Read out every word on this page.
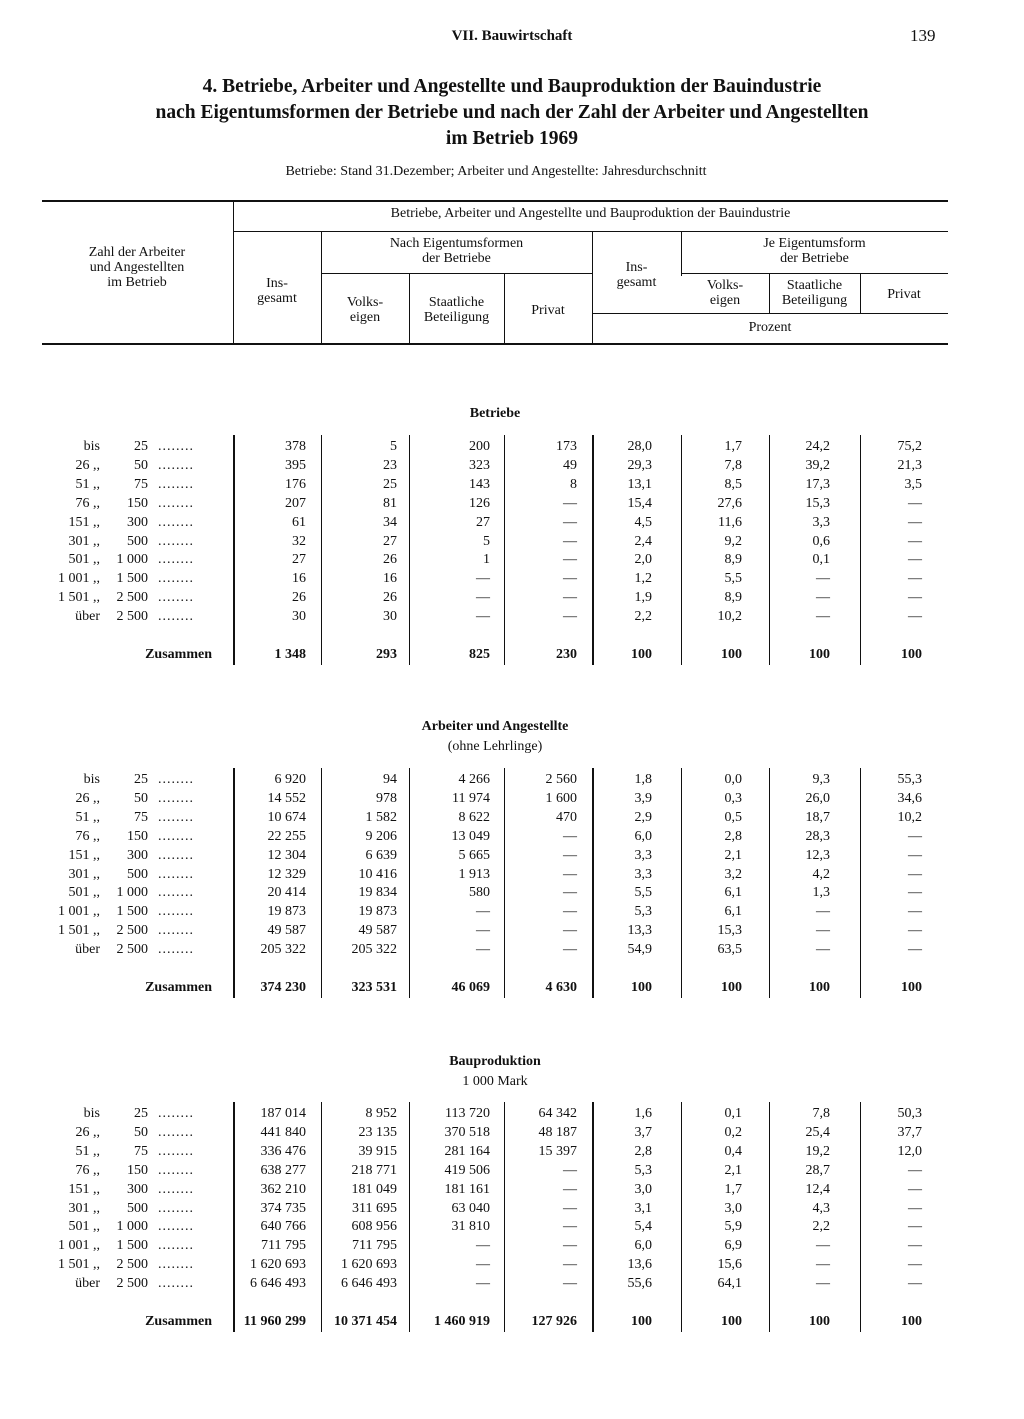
VII. Bauwirtschaft	139
4. Betriebe, Arbeiter und Angestellte und Bauproduktion der Bauindustrie
nach Eigentumsformen der Betriebe und nach der Zahl der Arbeiter und Angestellten
im Betrieb 1969
Betriebe: Stand 31.Dezember; Arbeiter und Angestellte: Jahresdurchschnitt
Zahl der Arbeiter
und Angestellten
im Betrieb
Betriebe, Arbeiter und Angestellte und Bauproduktion der Bauindustrie
Ins-
gesamt
Nach Eigentumsformen
der Betriebe
Volks-
eigen
Staatliche
Beteiligung	Privat
Ins-
gesamt
Je Eigentumsform
der Betriebe
Volks-
eigen
Staatliche
Beteiligung	Privat
Prozent
Betriebe
bis	25 ........	378	5	200	173	28,0	1,7	24,2	75,2
26 ,,	50 ........	395	23	323	49	29,3	7,8	39,2	21,3
51 ,,	75 ........	176	25	143	8	13,1	8,5	17,3	3,5
76 ,,	150 ........	207	81	126	—	15,4	27,6	15,3	—
151 ,,	300 ........	61	34	27	—	4,5	11,6	3,3	—
301 ,,	500 ........	32	27	5	—	2,4	9,2	0,6	—
501 ,,	1 000 ........	27	26	1	—	2,0	8,9	0,1	—
1 001 ,,	1 500 ........	16	16	—	—	1,2	5,5	—	—
1 501 ,,	2 500 ........	26	26	—	—	1,9	8,9	—	—
über	2 500 ........	30	30	—	—	2,2	10,2	—	—
Zusammen	1 348	293	825	230	100	100	100	100
Arbeiter und Angestellte
(ohne Lehrlinge)
bis	25 ........	6 920	94	4 266	2 560	1,8	0,0	9,3	55,3
26 ,,	50 ........	14 552	978	11 974	1 600	3,9	0,3	26,0	34,6
51 ,,	75 ........	10 674	1 582	8 622	470	2,9	0,5	18,7	10,2
76 ,,	150 ........	22 255	9 206	13 049	—	6,0	2,8	28,3	—
151 ,,	300 ........	12 304	6 639	5 665	—	3,3	2,1	12,3	—
301 ,,	500 ........	12 329	10 416	1 913	—	3,3	3,2	4,2	—
501 ,,	1 000 ........	20 414	19 834	580	—	5,5	6,1	1,3	—
1 001 ,,	1 500 ........	19 873	19 873	—	—	5,3	6,1	—	—
1 501 ,,	2 500 ........	49 587	49 587	—	—	13,3	15,3	—	—
über	2 500 ........	205 322	205 322	—	—	54,9	63,5	—	—
Zusammen	374 230	323 531	46 069	4 630	100	100	100	100
Bauproduktion
1 000 Mark
bis	25 ........	187 014	8 952	113 720	64 342	1,6	0,1	7,8	50,3
26 ,,	50 ........	441 840	23 135	370 518	48 187	3,7	0,2	25,4	37,7
51 ,,	75 ........	336 476	39 915	281 164	15 397	2,8	0,4	19,2	12,0
76 ,,	150 ........	638 277	218 771	419 506	—	5,3	2,1	28,7	—
151 ,,	300 ........	362 210	181 049	181 161	—	3,0	1,7	12,4	—
301 ,,	500 ........	374 735	311 695	63 040	—	3,1	3,0	4,3	—
501 ,,	1 000 ........	640 766	608 956	31 810	—	5,4	5,9	2,2	—
1 001 ,,	1 500 ........	711 795	711 795	—	—	6,0	6,9	—	—
1 501 ,,	2 500 ........	1 620 693	1 620 693	—	—	13,6	15,6	—	—
über	2 500 ........	6 646 493	6 646 493	—	—	55,6	64,1	—	—
Zusammen 11 960 299	10 371 454	1 460 919	127 926	100	100	100	100
